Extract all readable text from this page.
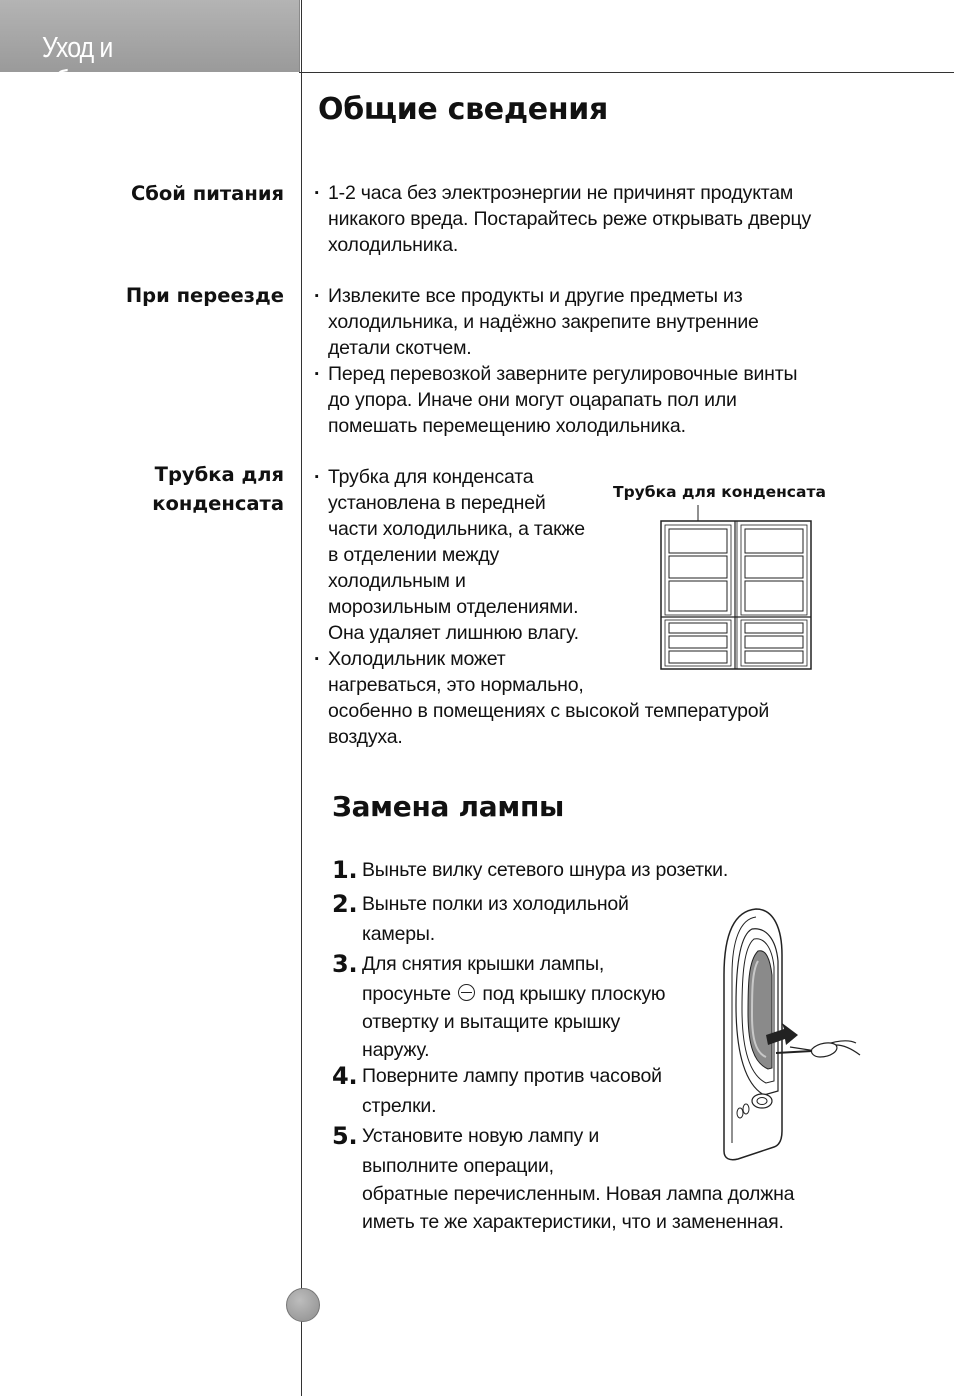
Уход и обслуживание
Общие сведения
Сбой питания · 1-2 часа без электроэнергии не причинят продуктам
никакого вреда. Постарайтесь реже открывать дверцу
холодильника.
При переезде · Извлеките все продукты и другие предметы из
холодильника, и надёжно закрепите внутренние
детали скотчем.
· Перед перевозкой заверните регулировочные винты
до упора. Иначе они могут оцарапать пол или
помешать перемещению холодильника.
Трубка для
конденсата
· Трубка для конденсата
установлена в передней
части холодильника, а также
в отделении между
холодильным и
морозильным отделениями.
Она удаляет лишнюю влагу.
· Холодильник может
нагреваться, это нормально,
особенно в помещениях с высокой температурой
воздуха.
Трубка для конденсата
Замена лампы
1. Выньте вилку сетевого шнура из розетки.
2. Выньте полки из холодильной
камеры.
3. Для снятия крышки лампы,
просуньте под крышку плоскую
отвертку и вытащите крышку
наружу.
4. Поверните лампу против часовой
стрелки.
5. Установите новую лампу и
выполните операции,
обратные перечисленным. Новая лампа должна
иметь те же характеристики, что и замененная.
